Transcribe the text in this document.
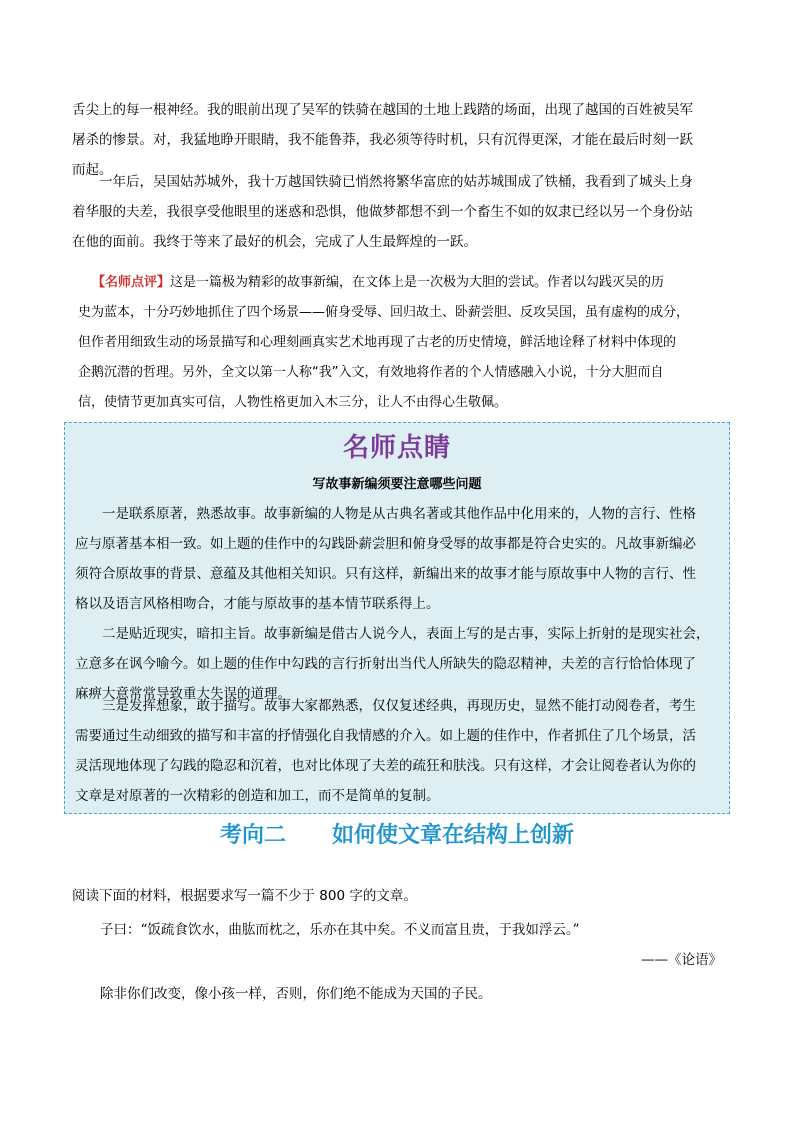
舌尖上的每一根神经。我的眼前出现了吴军的铁骑在越国的土地上践踏的场面，出现了越国的百姓被吴军
屠杀的惨景。对，我猛地睁开眼睛，我不能鲁莽，我必须等待时机，只有沉得更深，才能在最后时刻一跃
而起。
一年后，吴国姑苏城外，我十万越国铁骑已悄然将繁华富庶的姑苏城围成了铁桶，我看到了城头上身
着华服的夫差，我很享受他眼里的迷惑和恐惧，他做梦都想不到一个畜生不如的奴隶已经以另一个身份站
在他的面前。我终于等来了最好的机会，完成了人生最辉煌的一跃。
【名师点评】这是一篇极为精彩的故事新编，在文体上是一次极为大胆的尝试。作者以勾践灭吴的历
史为蓝本，十分巧妙地抓住了四个场景——俯身受辱、回归故土、卧薪尝胆、反攻吴国，虽有虚构的成分，
但作者用细致生动的场景描写和心理刻画真实艺术地再现了古老的历史情境，鲜活地诠释了材料中体现的
企鹅沉潜的哲理。另外，全文以第一人称“我”入文，有效地将作者的个人情感融入小说，十分大胆而自
信，使情节更加真实可信，人物性格更加入木三分，让人不由得心生敬佩。
名师点睛
写故事新编须要注意哪些问题
一是联系原著，熟悉故事。故事新编的人物是从古典名著或其他作品中化用来的，人物的言行、性格
应与原著基本相一致。如上题的佳作中的勾践卧薪尝胆和俯身受辱的故事都是符合史实的。凡故事新编必
须符合原故事的背景、意蕴及其他相关知识。只有这样，新编出来的故事才能与原故事中人物的言行、性
格以及语言风格相吻合，才能与原故事的基本情节联系得上。
二是贴近现实，暗扣主旨。故事新编是借古人说今人，表面上写的是古事，实际上折射的是现实社会，
立意多在讽今喻今。如上题的佳作中勾践的言行折射出当代人所缺失的隐忍精神，夫差的言行恰恰体现了
麻痹大意常常导致重大失误的道理。
三是发挥想象，敢于描写。故事大家都熟悉，仅仅复述经典，再现历史，显然不能打动阅卷者，考生
需要通过生动细致的描写和丰富的抒情强化自我情感的介入。如上题的佳作中，作者抓住了几个场景，活
灵活现地体现了勾践的隐忍和沉着，也对比体现了夫差的疏狂和肤浅。只有这样，才会让阅卷者认为你的
文章是对原著的一次精彩的创造和加工，而不是简单的复制。
考向二 如何使文章在结构上创新
阅读下面的材料，根据要求写一篇不少于 800 字的文章。
子曰：“饭疏食饮水，曲肱而枕之，乐亦在其中矣。不义而富且贵，于我如浮云。”
——《论语》
除非你们改变，像小孩一样，否则，你们绝不能成为天国的子民。
